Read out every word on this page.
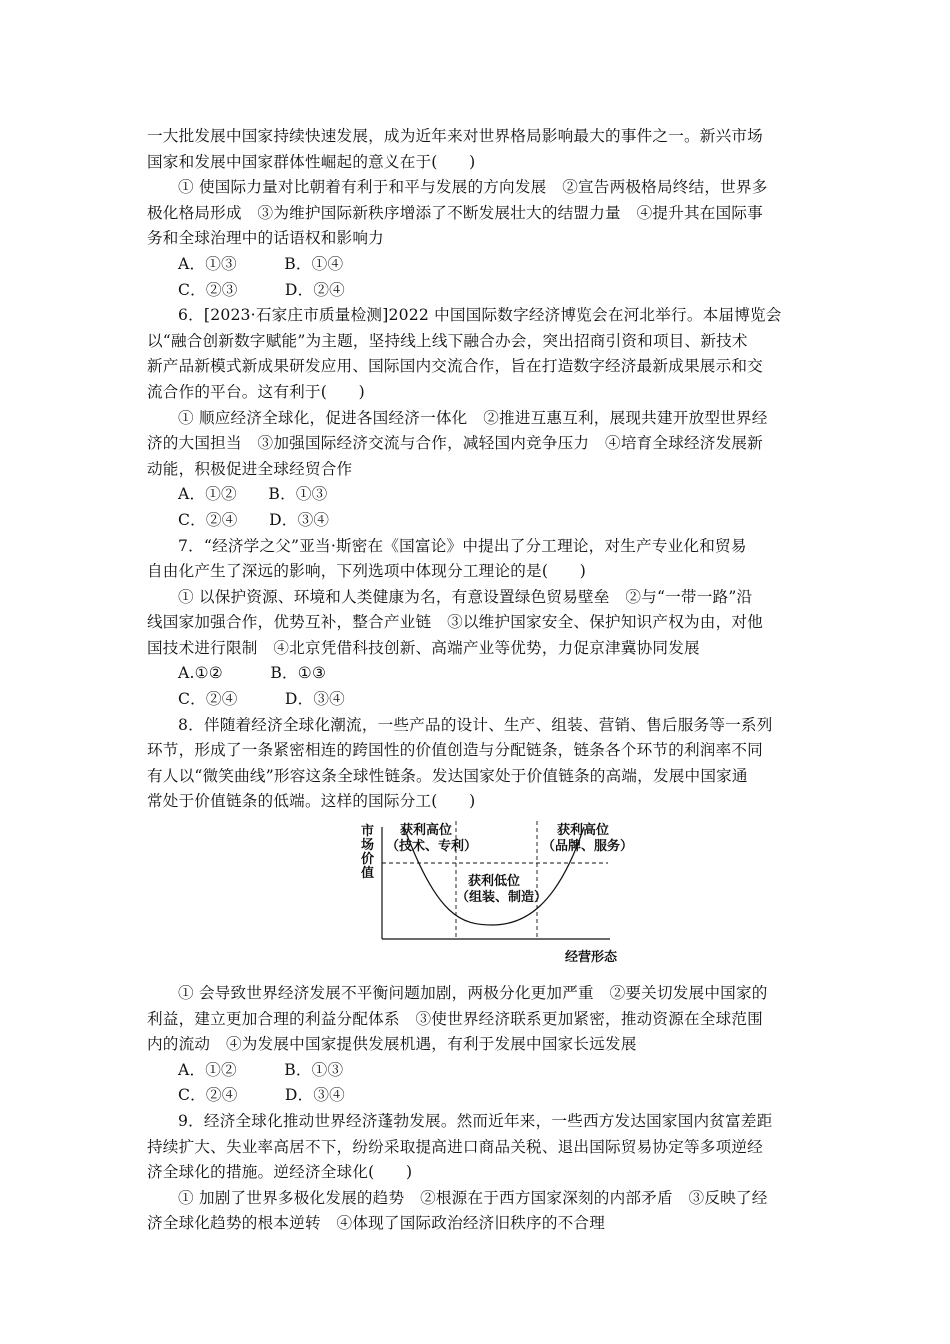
一大批发展中国家持续快速发展，成为近年来对世界格局影响最大的事件之一。新兴市场
国家和发展中国家群体性崛起的意义在于(　　)
① 使国际力量对比朝着有利于和平与发展的方向发展　②宣告两极格局终结，世界多
极化格局形成　③为维护国际新秩序增添了不断发展壮大的结盟力量　④提升其在国际事
务和全球治理中的话语权和影响力
A．①③　　　B．①④
C．②③　　　D．②④
6．[2023·石家庄市质量检测]2022 中国国际数字经济博览会在河北举行。本届博览会
以“融合创新数字赋能”为主题，坚持线上线下融合办会，突出招商引资和项目、新技术
新产品新模式新成果研发应用、国际国内交流合作，旨在打造数字经济最新成果展示和交
流合作的平台。这有利于(　　)
① 顺应经济全球化，促进各国经济一体化　②推进互惠互利，展现共建开放型世界经
济的大国担当　③加强国际经济交流与合作，减轻国内竞争压力　④培育全球经济发展新
动能，积极促进全球经贸合作
A．①②　　B．①③
C．②④　　D．③④
7．“经济学之父”亚当·斯密在《国富论》中提出了分工理论，对生产专业化和贸易
自由化产生了深远的影响，下列选项中体现分工理论的是(　　)
① 以保护资源、环境和人类健康为名，有意设置绿色贸易壁垒　②与“一带一路”沿
线国家加强合作，优势互补，整合产业链　③以维护国家安全、保护知识产权为由，对他
国技术进行限制　④北京凭借科技创新、高端产业等优势，力促京津冀协同发展
A.①②　　　B．①③
C．②④　　　D．③④
8．伴随着经济全球化潮流，一些产品的设计、生产、组装、营销、售后服务等一系列
环节，形成了一条紧密相连的跨国性的价值创造与分配链条，链条各个环节的利润率不同
有人以“微笑曲线”形容这条全球性链条。发达国家处于价值链条的高端，发展中国家通
常处于价值链条的低端。这样的国际分工(　　)
市
场
价
值
获利高位
（技术、专利）
获利高位
（品牌、服务）
获利低位
（组装、制造）
经营形态
① 会导致世界经济发展不平衡问题加剧，两极分化更加严重　②要关切发展中国家的
利益，建立更加合理的利益分配体系　③使世界经济联系更加紧密，推动资源在全球范围
内的流动　④为发展中国家提供发展机遇，有利于发展中国家长远发展
A．①②　　　B．①③
C．②④　　　D．③④
9．经济全球化推动世界经济蓬勃发展。然而近年来，一些西方发达国家国内贫富差距
持续扩大、失业率高居不下，纷纷采取提高进口商品关税、退出国际贸易协定等多项逆经
济全球化的措施。逆经济全球化(　　)
① 加剧了世界多极化发展的趋势　②根源在于西方国家深刻的内部矛盾　③反映了经
济全球化趋势的根本逆转　④体现了国际政治经济旧秩序的不合理
